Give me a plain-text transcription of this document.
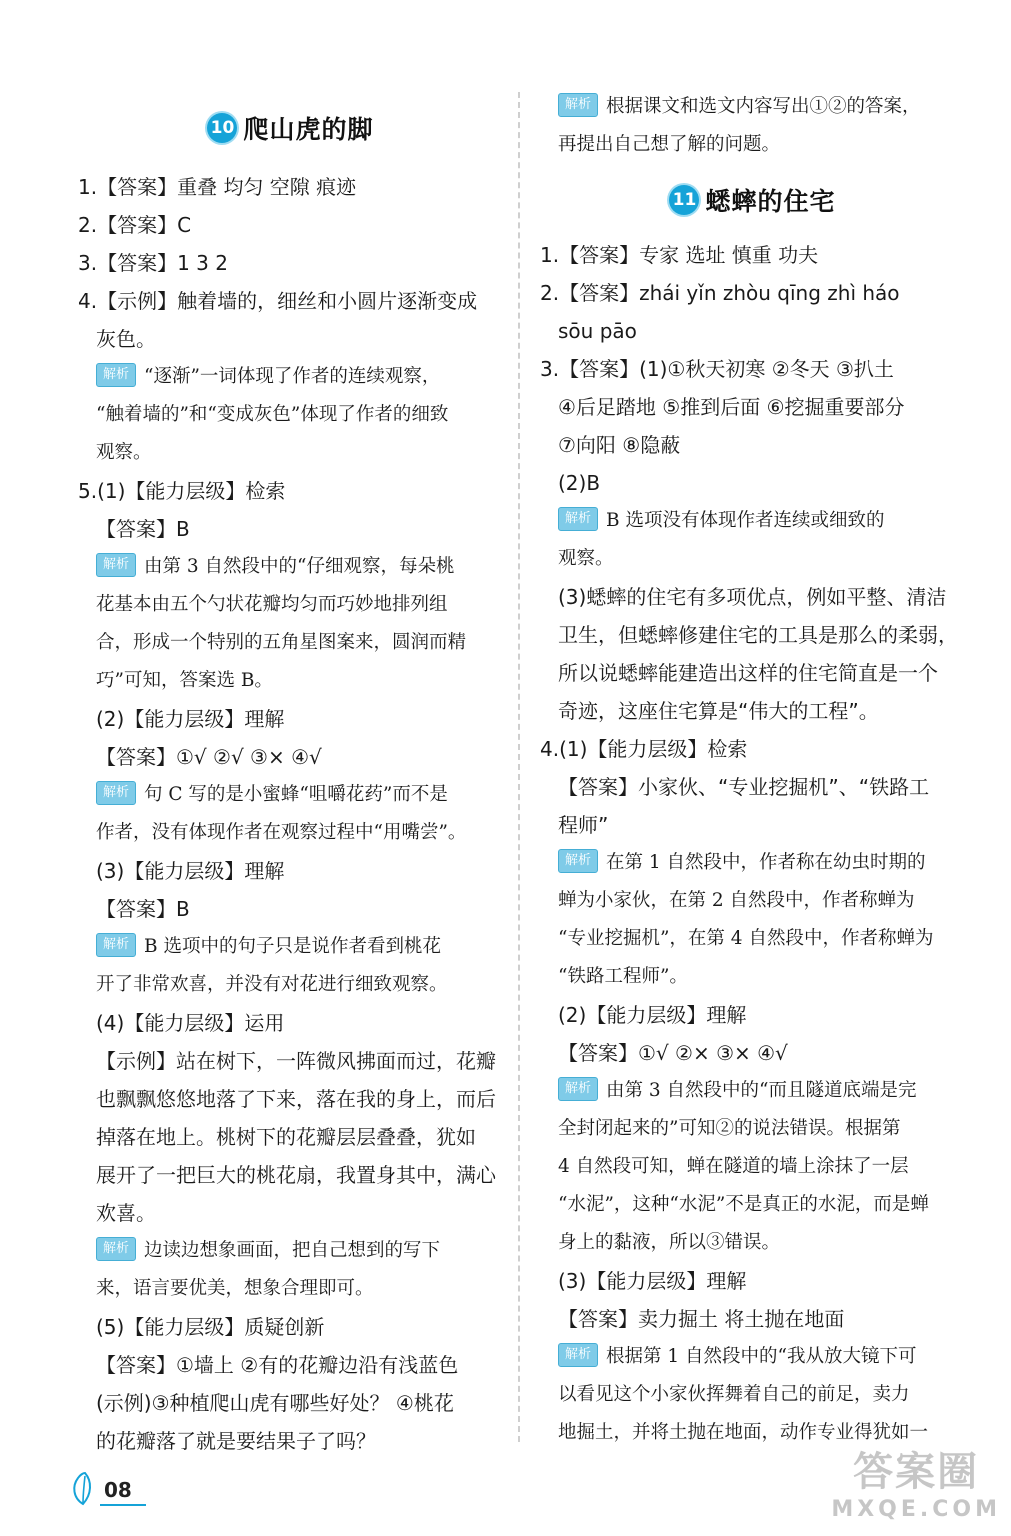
10 爬山虎的脚
1.【答案】重叠 均匀 空隙 痕迹
2.【答案】C
3.【答案】1 3 2
4.【示例】触着墙的，细丝和小圆片逐渐变成
灰色。
解析 “逐渐”一词体现了作者的连续观察，
“触着墙的”和“变成灰色”体现了作者的细致
观察。
5.(1)【能力层级】检索
【答案】B
解析 由第 3 自然段中的“仔细观察，每朵桃
花基本由五个勺状花瓣均匀而巧妙地排列组
合，形成一个特别的五角星图案来，圆润而精
巧”可知，答案选 B。
(2)【能力层级】理解
【答案】①√ ②√ ③× ④√
解析 句 C 写的是小蜜蜂“咀嚼花药”而不是
作者，没有体现作者在观察过程中“用嘴尝”。
(3)【能力层级】理解
【答案】B
解析 B 选项中的句子只是说作者看到桃花
开了非常欢喜，并没有对花进行细致观察。
(4)【能力层级】运用
【示例】站在树下，一阵微风拂面而过，花瓣
也飘飘悠悠地落了下来，落在我的身上，而后
掉落在地上。桃树下的花瓣层层叠叠，犹如
展开了一把巨大的桃花扇，我置身其中，满心
欢喜。
解析 边读边想象画面，把自己想到的写下
来，语言要优美，想象合理即可。
(5)【能力层级】质疑创新
【答案】①墙上 ②有的花瓣边沿有浅蓝色
(示例)③种植爬山虎有哪些好处？ ④桃花
的花瓣落了就是要结果子了吗？
解析 根据课文和选文内容写出①②的答案，
再提出自己想了解的问题。
11 蟋蟀的住宅
1.【答案】专家 选址 慎重 功夫
2.【答案】zhái yǐn zhòu qīng zhì háo
sōu pāo
3.【答案】(1)①秋天初寒 ②冬天 ③扒土
④后足踏地 ⑤推到后面 ⑥挖掘重要部分
⑦向阳 ⑧隐蔽
(2)B
解析 B 选项没有体现作者连续或细致的
观察。
(3)蟋蟀的住宅有多项优点，例如平整、清洁
卫生，但蟋蟀修建住宅的工具是那么的柔弱，
所以说蟋蟀能建造出这样的住宅简直是一个
奇迹，这座住宅算是“伟大的工程”。
4.(1)【能力层级】检索
【答案】小家伙、“专业挖掘机”、“铁路工
程师”
解析 在第 1 自然段中，作者称在幼虫时期的
蝉为小家伙，在第 2 自然段中，作者称蝉为
“专业挖掘机”，在第 4 自然段中，作者称蝉为
“铁路工程师”。
(2)【能力层级】理解
【答案】①√ ②× ③× ④√
解析 由第 3 自然段中的“而且隧道底端是完
全封闭起来的”可知②的说法错误。根据第
4 自然段可知，蝉在隧道的墙上涂抹了一层
“水泥”，这种“水泥”不是真正的水泥，而是蝉
身上的黏液，所以③错误。
(3)【能力层级】理解
【答案】卖力掘土 将土抛在地面
解析 根据第 1 自然段中的“我从放大镜下可
以看见这个小家伙挥舞着自己的前足，卖力
地掘土，并将土抛在地面，动作专业得犹如一
08	答案圈
MXQE.COM
